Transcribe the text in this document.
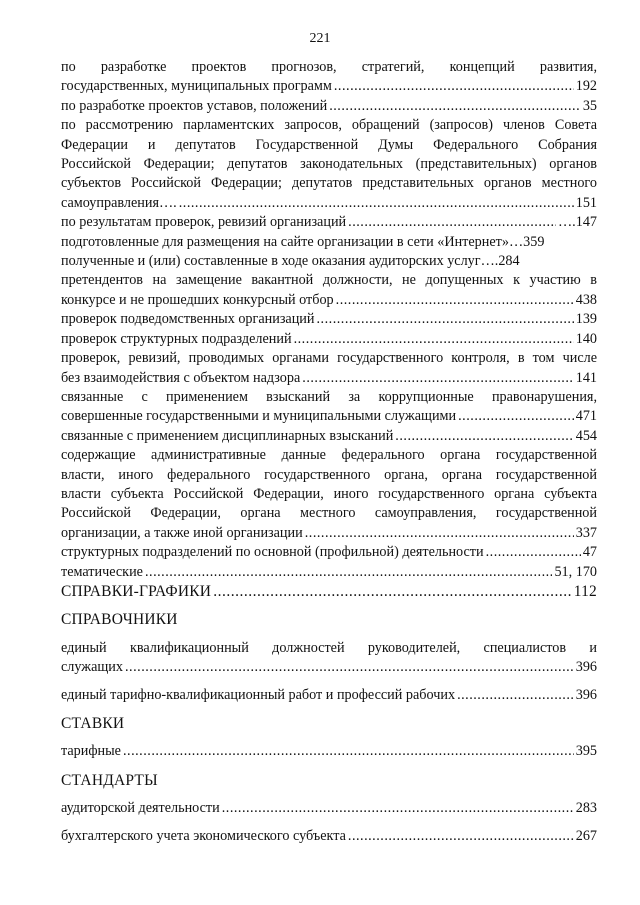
221
по разработке проектов прогнозов, стратегий, концепций развития,
государственных, муниципальных программ .....	192
по разработке проектов уставов, положений .....	35
по рассмотрению парламентских запросов, обращений (запросов) членов Совета
Федерации и депутатов Государственной Думы Федерального Собрания
Российской Федерации; депутатов законодательных (представительных) органов
субъектов Российской Федерации; депутатов представительных органов местного
самоуправления…. .....	151
по результатам проверок, ревизий организаций .....	….147
подготовленные для размещения на сайте организации в сети «Интернет»…359
полученные и (или) составленные в ходе оказания аудиторских услуг….284
претендентов на замещение вакантной должности, не допущенных к участию в
конкурсе и не прошедших конкурсный отбор .....	438
проверок подведомственных организаций .....	139
проверок структурных подразделений .....	140
проверок, ревизий, проводимых органами государственного контроля, в том числе
без взаимодействия с объектом надзора .....	141
связанные с применением взысканий за коррупционные правонарушения,
совершенные государственными и муниципальными служащими .....	471
связанные с применением дисциплинарных взысканий .....	454
содержащие административные данные федерального органа государственной
власти, иного федерального государственного органа, органа государственной
власти субъекта Российской Федерации, иного государственного органа субъекта
Российской Федерации, органа местного самоуправления, государственной
организации, а также иной организации .....	337
структурных подразделений по основной (профильной) деятельности .....	47
тематические .....	51, 170
СПРАВКИ-ГРАФИКИ .....	112
СПРАВОЧНИКИ
единый квалификационный должностей руководителей, специалистов и
служащих .....	396
единый тарифно-квалификационный работ и профессий рабочих .....	396
СТАВКИ
тарифные .....	395
СТАНДАРТЫ
аудиторской деятельности .....	283
бухгалтерского учета экономического субъекта .....	267
